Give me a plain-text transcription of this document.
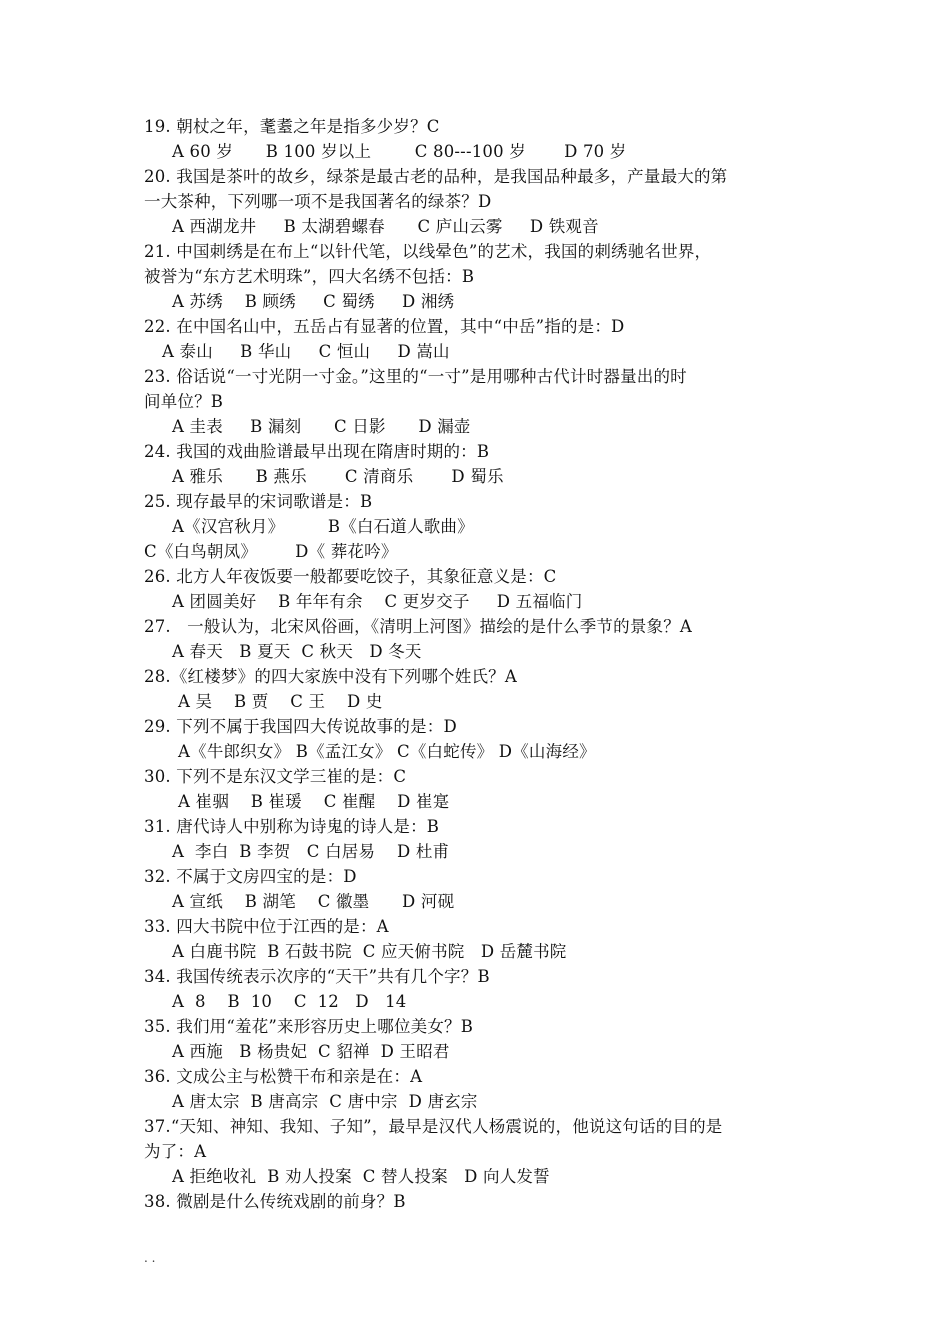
19. 朝杖之年，耄耋之年是指多少岁？C
A 60 岁      B 100 岁以上        C 80---100 岁       D 70 岁
20. 我国是茶叶的故乡，绿茶是最古老的品种，是我国品种最多，产量最大的第
一大茶种，下列哪一项不是我国著名的绿茶？D
A 西湖龙井     B 太湖碧螺春      C 庐山云雾     D 铁观音
21. 中国刺绣是在布上“以针代笔，以线晕色”的艺术，我国的刺绣驰名世界，
被誉为“东方艺术明珠”，四大名绣不包括：B
A 苏绣    B 顾绣     C 蜀绣     D 湘绣
22. 在中国名山中，五岳占有显著的位置，其中“中岳”指的是：D
A 泰山     B 华山     C 恒山     D 嵩山
23. 俗话说“一寸光阴一寸金。”这里的“一寸”是用哪种古代计时器量出的时
间单位？B
A 圭表     B 漏刻      C 日影      D 漏壶
24. 我国的戏曲脸谱最早出现在隋唐时期的：B
A 雅乐      B 燕乐       C 清商乐       D 蜀乐
25. 现存最早的宋词歌谱是：B
A《汉宫秋月》        B《白石道人歌曲》
C《白鸟朝凤》       D《 葬花吟》
26. 北方人年夜饭要一般都要吃饺子，其象征意义是：C
A 团圆美好    B 年年有余    C 更岁交子     D 五福临门
27.   一般认为，北宋风俗画，《清明上河图》描绘的是什么季节的景象？A
A 春天   B 夏天  C 秋天   D 冬天
28.《红楼梦》的四大家族中没有下列哪个姓氏？A
A 吴    B 贾    C 王    D 史
29. 下列不属于我国四大传说故事的是：D
A《牛郎织女》 B《孟江女》 C《白蛇传》 D《山海经》
30. 下列不是东汉文学三崔的是：C
A 崔骃    B 崔瑗    C 崔醒    D 崔寔
31. 唐代诗人中别称为诗鬼的诗人是：B
A  李白  B 李贺   C 白居易    D 杜甫
32. 不属于文房四宝的是：D
A 宣纸    B 湖笔    C 徽墨      D 河砚
33. 四大书院中位于江西的是：A
A 白鹿书院  B 石鼓书院  C 应天俯书院   D 岳麓书院
34. 我国传统表示次序的“天干”共有几个字？B
A  8    B  10    C  12   D   14
35. 我们用“羞花”来形容历史上哪位美女？B
A 西施   B 杨贵妃  C 貂禅  D 王昭君
36. 文成公主与松赞干布和亲是在：A
A 唐太宗  B 唐高宗  C 唐中宗  D 唐玄宗
37.“天知、神知、我知、子知”，最早是汉代人杨震说的，他说这句话的目的是
为了：A
A 拒绝收礼  B 劝人投案  C 替人投案   D 向人发誓
38. 微剧是什么传统戏剧的前身？B
. .
